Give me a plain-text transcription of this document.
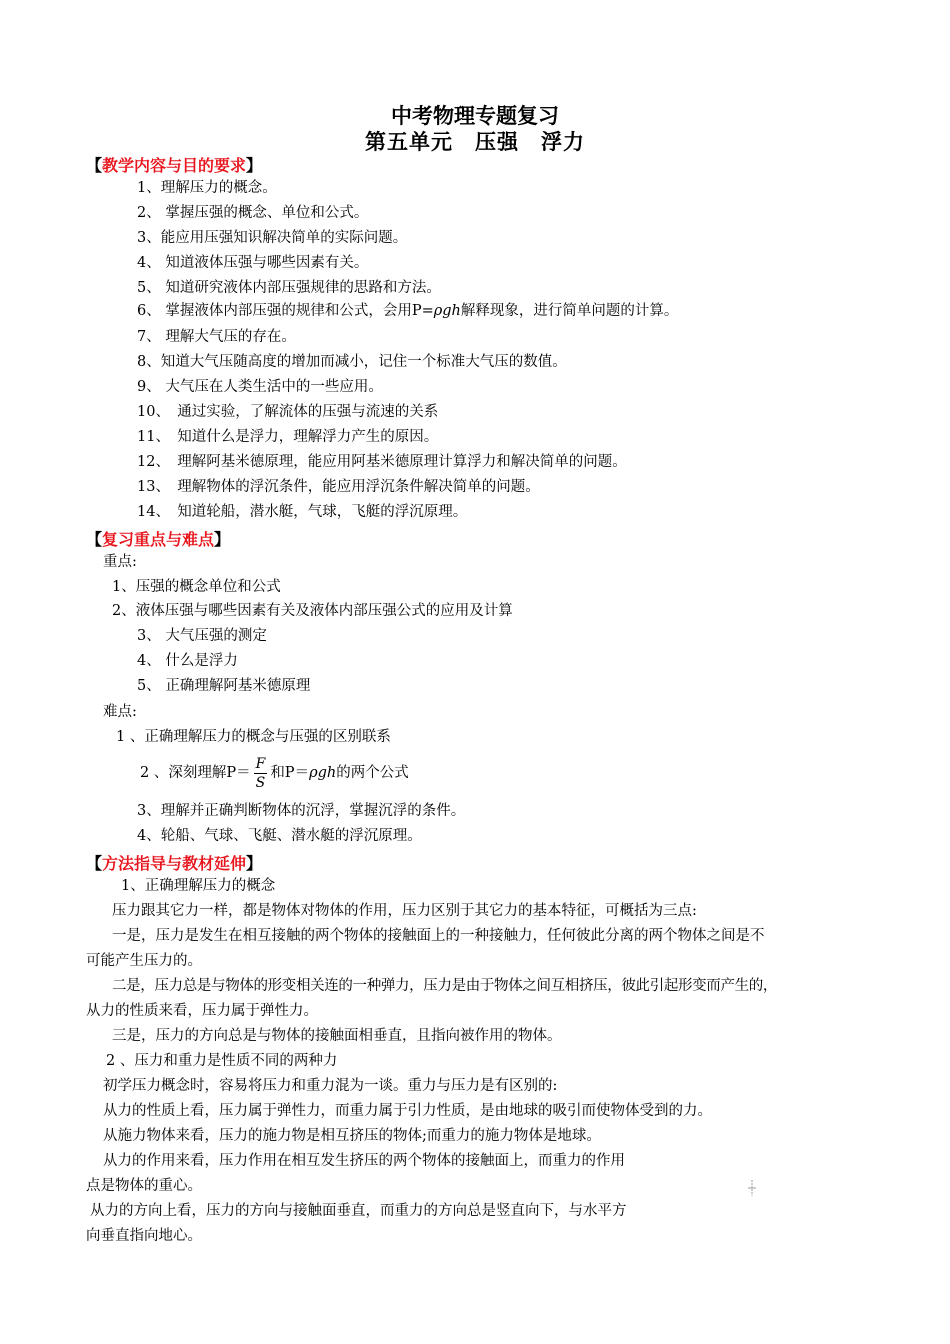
中考物理专题复习
第五单元　压强　浮力
【教学内容与目的要求】
1、理解压力的概念。
2、 掌握压强的概念、单位和公式。
3、能应用压强知识解决简单的实际问题。
4、 知道液体压强与哪些因素有关。
5、 知道研究液体内部压强规律的思路和方法。
6、 掌握液体内部压强的规律和公式，会用P=ρgh解释现象，进行简单问题的计算。
7、 理解大气压的存在。
8、知道大气压随高度的增加而减小，记住一个标准大气压的数值。
9、 大气压在人类生活中的一些应用。
10、　通过实验，了解流体的压强与流速的关系
11、　知道什么是浮力，理解浮力产生的原因。
12、　理解阿基米德原理，能应用阿基米德原理计算浮力和解决简单的问题。
13、　理解物体的浮沉条件，能应用浮沉条件解决简单的问题。
14、　知道轮船，潜水艇，气球，飞艇的浮沉原理。
【复习重点与难点】
重点:
1、压强的概念单位和公式
2、液体压强与哪些因素有关及液体内部压强公式的应用及计算
3、 大气压强的测定
4、 什么是浮力
5、 正确理解阿基米德原理
难点:
1 、正确理解压力的概念与压强的区别联系
2 、深刻理解$P= \frac{F}{S}$ 和P＝ρgh的两个公式
3、理解并正确判断物体的沉浮，掌握沉浮的条件。
4、轮船、气球、飞艇、潜水艇的浮沉原理。
【方法指导与教材延伸】
1、正确理解压力的概念
压力跟其它力一样，都是物体对物体的作用，压力区别于其它力的基本特征，可概括为三点:
一是，压力是发生在相互接触的两个物体的接触面上的一种接触力，任何彼此分离的两个物体之间是不
可能产生压力的。
二是，压力总是与物体的形变相关连的一种弹力，压力是由于物体之间互相挤压，彼此引起形变而产生的，
从力的性质来看，压力属于弹性力。
三是，压力的方向总是与物体的接触面相垂直，且指向被作用的物体。
2 、压力和重力是性质不同的两种力
初学压力概念时，容易将压力和重力混为一谈。重力与压力是有区别的:
从力的性质上看，压力属于弹性力，而重力属于引力性质，是由地球的吸引而使物体受到的力。
从施力物体来看，压力的施力物是相互挤压的物体;而重力的施力物体是地球。
从力的作用来看，压力作用在相互发生挤压的两个物体的接触面上，而重力的作用
点是物体的重心。
从力的方向上看，压力的方向与接触面垂直，而重力的方向总是竖直向下，与水平方
向垂直指向地心。
